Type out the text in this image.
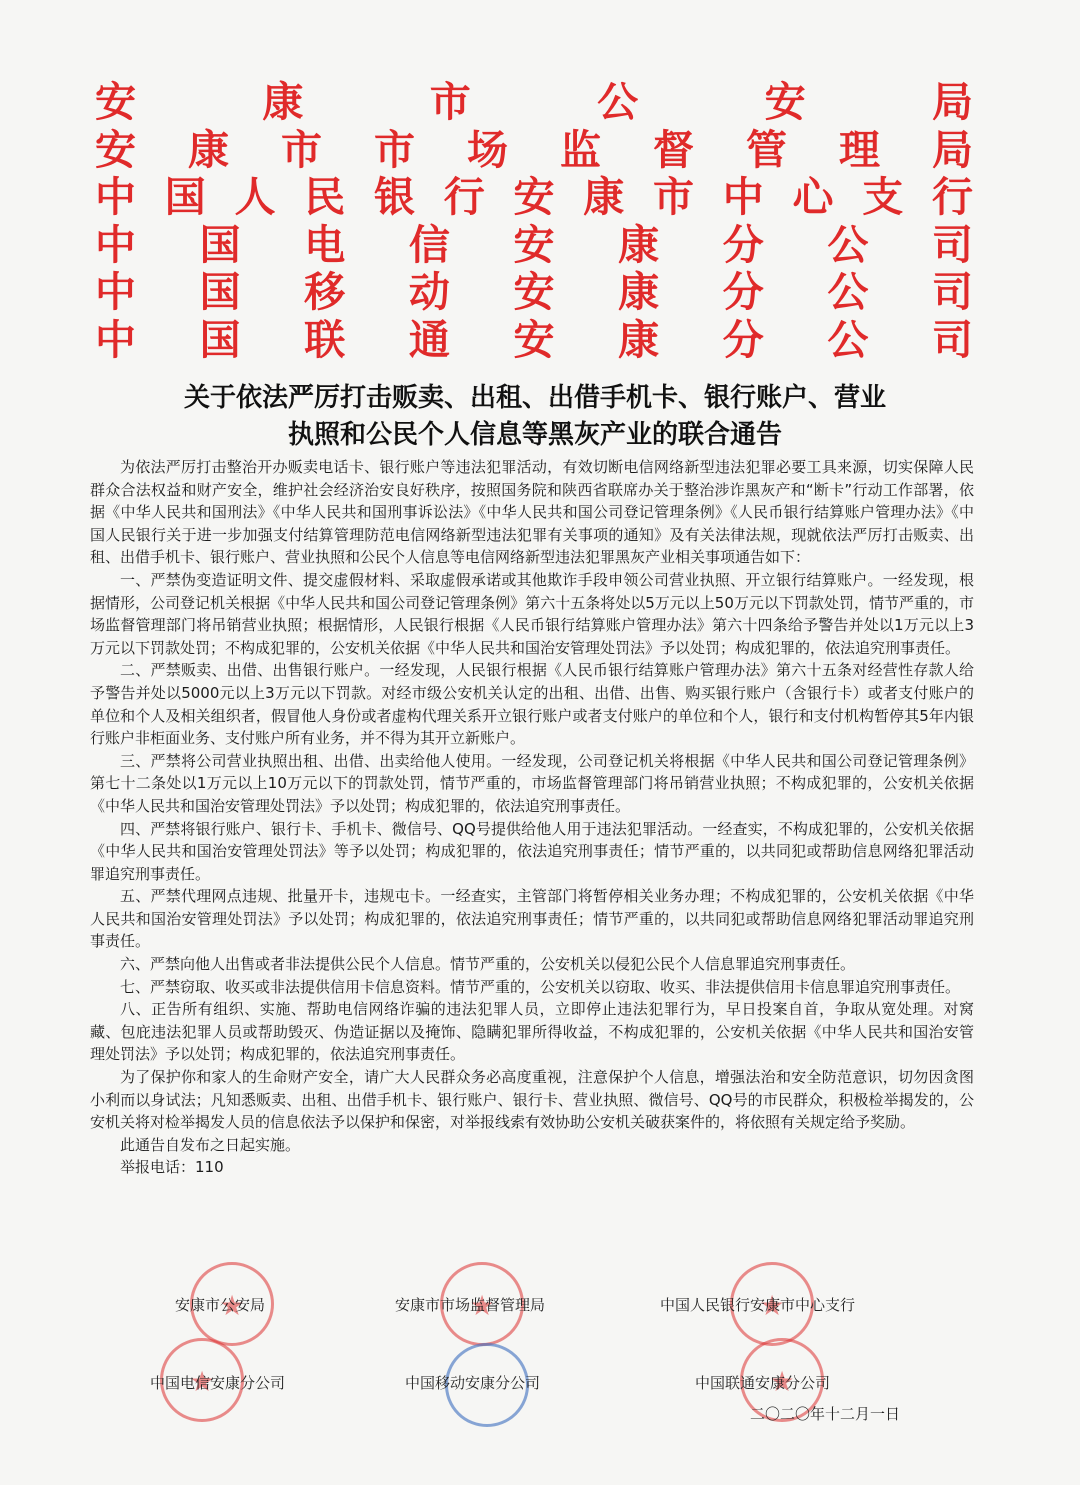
安	康	市	公	安	局
安 康 市 市 场 监 督 管 理 局
中 国 人 民 银 行 安 康 市 中 心 支 行
中 国 电 信 安 康 分 公 司
中 国 移 动 安 康 分 公 司
中 国 联 通 安 康 分 公 司
关于依法严厉打击贩卖、出租、出借手机卡、银行账户、营业
执照和公民个人信息等黑灰产业的联合通告

为依法严厉打击整治开办贩卖电话卡、银行账户等违法犯罪活动，有效切断电信网络新型违法犯罪必要工具来源，切实保障人民群众合法权益和财产安全，维护社会经济治安良好秩序，按照国务院和陕西省联席办关于整治涉诈黑灰产和“断卡”行动工作部署，依据《中华人民共和国刑法》《中华人民共和国刑事诉讼法》《中华人民共和国公司登记管理条例》《人民币银行结算账户管理办法》《中国人民银行关于进一步加强支付结算管理防范电信网络新型违法犯罪有关事项的通知》及有关法律法规，现就依法严厉打击贩卖、出租、出借手机卡、银行账户、营业执照和公民个人信息等电信网络新型违法犯罪黑灰产业相关事项通告如下：

一、严禁伪变造证明文件、提交虚假材料、采取虚假承诺或其他欺诈手段申领公司营业执照、开立银行结算账户。一经发现，根据情形，公司登记机关根据《中华人民共和国公司登记管理条例》第六十五条将处以5万元以上50万元以下罚款处罚，情节严重的，市场监督管理部门将吊销营业执照；根据情形，人民银行根据《人民币银行结算账户管理办法》第六十四条给予警告并处以1万元以上3万元以下罚款处罚；不构成犯罪的，公安机关依据《中华人民共和国治安管理处罚法》予以处罚；构成犯罪的，依法追究刑事责任。

二、严禁贩卖、出借、出售银行账户。一经发现，人民银行根据《人民币银行结算账户管理办法》第六十五条对经营性存款人给予警告并处以5000元以上3万元以下罚款。对经市级公安机关认定的出租、出借、出售、购买银行账户（含银行卡）或者支付账户的单位和个人及相关组织者，假冒他人身份或者虚构代理关系开立银行账户或者支付账户的单位和个人，银行和支付机构暂停其5年内银行账户非柜面业务、支付账户所有业务，并不得为其开立新账户。

三、严禁将公司营业执照出租、出借、出卖给他人使用。一经发现，公司登记机关将根据《中华人民共和国公司登记管理条例》第七十二条处以1万元以上10万元以下的罚款处罚，情节严重的，市场监督管理部门将吊销营业执照；不构成犯罪的，公安机关依据《中华人民共和国治安管理处罚法》予以处罚；构成犯罪的，依法追究刑事责任。

四、严禁将银行账户、银行卡、手机卡、微信号、QQ号提供给他人用于违法犯罪活动。一经查实，不构成犯罪的，公安机关依据《中华人民共和国治安管理处罚法》等予以处罚；构成犯罪的，依法追究刑事责任；情节严重的，以共同犯或帮助信息网络犯罪活动罪追究刑事责任。

五、严禁代理网点违规、批量开卡，违规屯卡。一经查实，主管部门将暂停相关业务办理；不构成犯罪的，公安机关依据《中华人民共和国治安管理处罚法》予以处罚；构成犯罪的，依法追究刑事责任；情节严重的，以共同犯或帮助信息网络犯罪活动罪追究刑事责任。

六、严禁向他人出售或者非法提供公民个人信息。情节严重的，公安机关以侵犯公民个人信息罪追究刑事责任。

七、严禁窃取、收买或非法提供信用卡信息资料。情节严重的，公安机关以窃取、收买、非法提供信用卡信息罪追究刑事责任。

八、正告所有组织、实施、帮助电信网络诈骗的违法犯罪人员，立即停止违法犯罪行为，早日投案自首，争取从宽处理。对窝藏、包庇违法犯罪人员或帮助毁灭、伪造证据以及掩饰、隐瞒犯罪所得收益，不构成犯罪的，公安机关依据《中华人民共和国治安管理处罚法》予以处罚；构成犯罪的，依法追究刑事责任。

为了保护你和家人的生命财产安全，请广大人民群众务必高度重视，注意保护个人信息，增强法治和安全防范意识，切勿因贪图小利而以身试法；凡知悉贩卖、出租、出借手机卡、银行账户、银行卡、营业执照、微信号、QQ号的市民群众，积极检举揭发的，公安机关将对检举揭发人员的信息依法予以保护和保密，对举报线索有效协助公安机关破获案件的，将依照有关规定给予奖励。

此通告自发布之日起实施。

举报电话：110

★
★
★
★
★
安康市公安局	安康市市场监督管理局	中国人民银行安康市中心支行
中国电信安康分公司	中国移动安康分公司	中国联通安康分公司
二〇二〇年十二月一日
